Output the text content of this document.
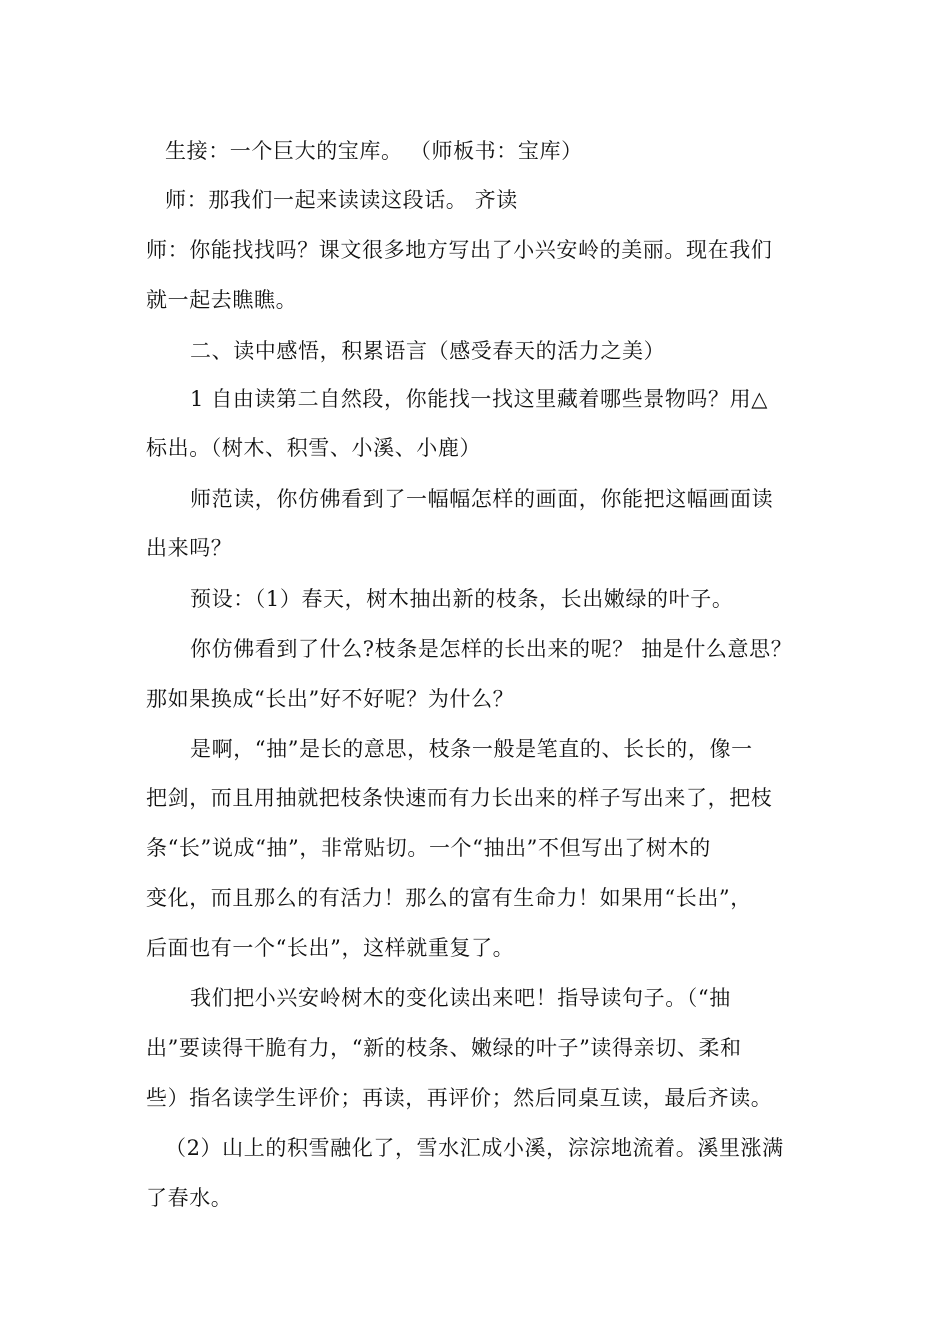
生接：一个巨大的宝库。 （师板书：宝库）
师：那我们一起来读读这段话。 齐读
师：你能找找吗？课文很多地方写出了小兴安岭的美丽。现在我们
就一起去瞧瞧。
二、读中感悟，积累语言（感受春天的活力之美）
1 自由读第二自然段，你能找一找这里藏着哪些景物吗？用△
标出。（树木、积雪、小溪、小鹿）
师范读，你仿佛看到了一幅幅怎样的画面，你能把这幅画面读
出来吗？
预设：（1）春天，树木抽出新的枝条，长出嫩绿的叶子。
你仿佛看到了什么?枝条是怎样的长出来的呢？ 抽是什么意思？
那如果换成“长出”好不好呢？为什么？
是啊，“抽”是长的意思，枝条一般是笔直的、长长的，像一
把剑，而且用抽就把枝条快速而有力长出来的样子写出来了，把枝
条“长”说成“抽”，非常贴切。一个“抽出”不但写出了树木的
变化，而且那么的有活力！那么的富有生命力！如果用“长出”，
后面也有一个“长出”，这样就重复了。
我们把小兴安岭树木的变化读出来吧！指导读句子。（“抽
出”要读得干脆有力，“新的枝条、嫩绿的叶子”读得亲切、柔和
些）指名读学生评价；再读，再评价；然后同桌互读，最后齐读。
（2）山上的积雪融化了，雪水汇成小溪，淙淙地流着。溪里涨满
了春水。
